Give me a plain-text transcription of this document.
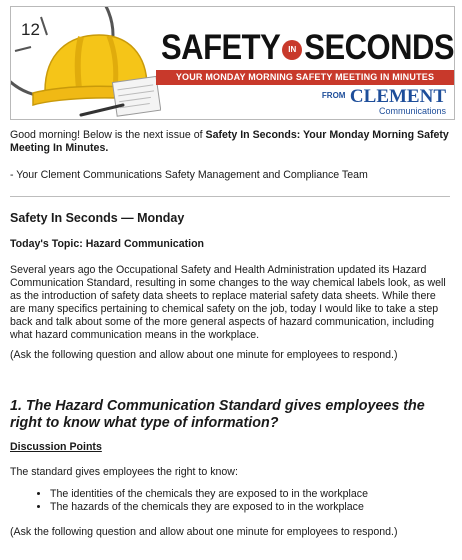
12	SAFETY IN SECONDS
YOUR MONDAY MORNING SAFETY MEETING IN MINUTES
$^{FROM}$ CLEMENT
Communications

Good morning! Below is the next issue of Safety In Seconds: Your Monday Morning Safety Meeting In Minutes.

- Your Clement Communications Safety Management and Compliance Team

Safety In Seconds — Monday

Today's Topic: Hazard Communication

Several years ago the Occupational Safety and Health Administration updated its Hazard Communication Standard, resulting in some changes to the way chemical labels look, as well as the introduction of safety data sheets to replace material safety data sheets. While there are many specifics pertaining to chemical safety on the job, today I would like to take a step back and talk about some of the more general aspects of hazard communication, including what hazard communication means in the workplace.

(Ask the following question and allow about one minute for employees to respond.)

1. The Hazard Communication Standard gives employees the right to know what type of information?

Discussion Points

The standard gives employees the right to know:

• The identities of the chemicals they are exposed to in the workplace
• The hazards of the chemicals they are exposed to in the workplace

(Ask the following question and allow about one minute for employees to respond.)
